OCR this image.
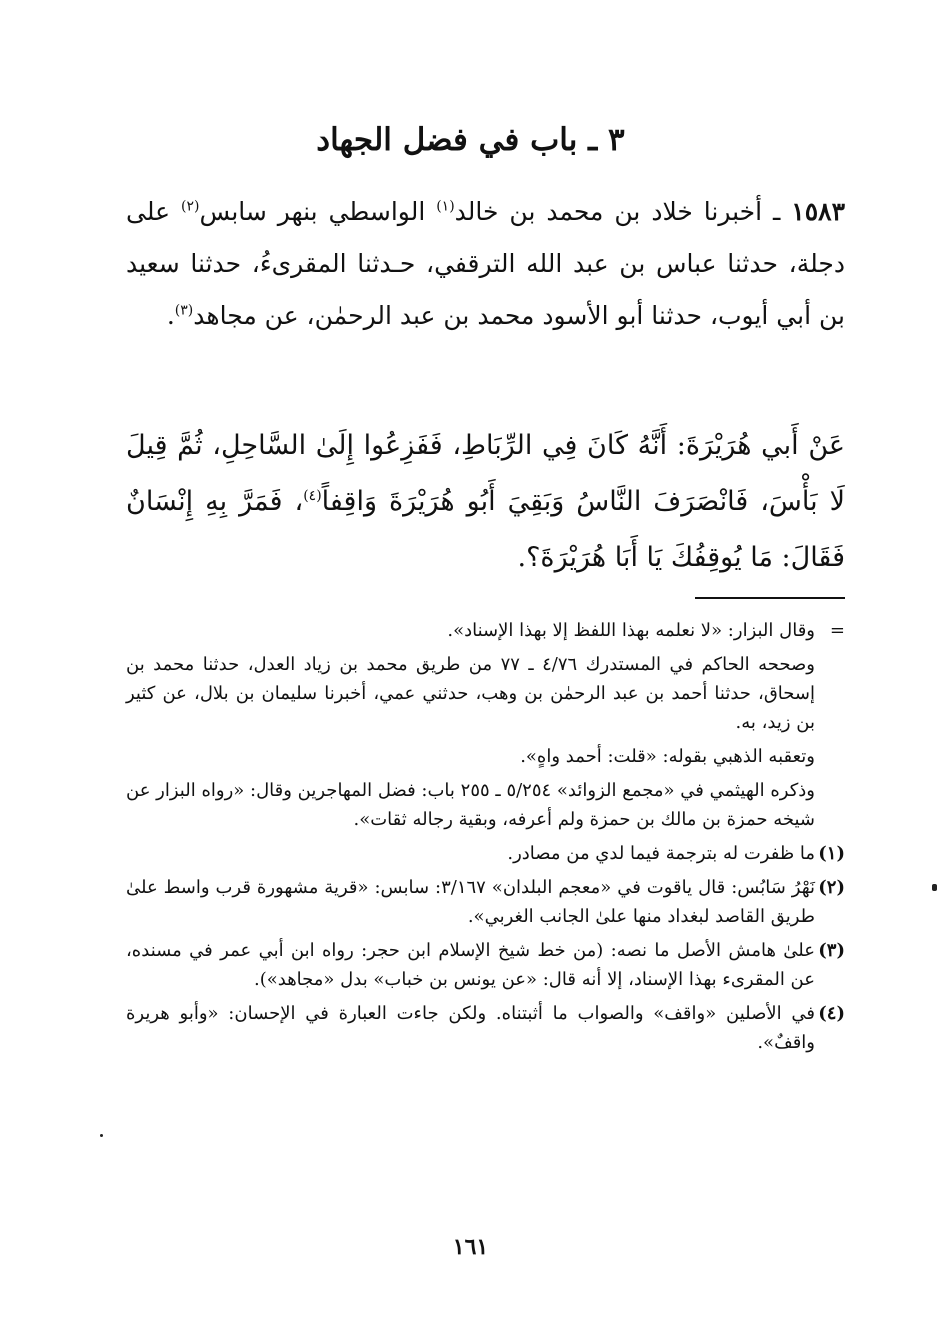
٣ ـ باب في فضل الجهاد

١٥٨٣ ـ أخبرنا خلاد بن محمد بن خالد$^{(١)}$ الواسطي بنهر سابس$^{(٢)}$ على دجلة، حدثنا عباس بن عبد الله الترقفي، حـدثنا المقرىءُ، حدثنا سعيد بن أبي أيوب، حدثنا أبو الأسود محمد بن عبد الرحمٰن، عن مجاهد$^{(٣)}$.

عَنْ أَبي هُرَيْرَةَ: أَنَّهُ كَانَ فِي الرِّبَاطِ، فَفَزِعُوا إِلَىٰ السَّاحِلِ، ثُمَّ قِيلَ لَا بَأْسَ، فَانْصَرَفَ النَّاسُ وَبَقِيَ أَبُو هُرَيْرَةَ وَاقِفاً$^{(٤)}$، فَمَرَّ بِهِ إِنْسَانٌ فَقَالَ: مَا يُوقِفُكَ يَا أَبَا هُرَيْرَةَ؟.

=وقال البزار: «لا نعلمه بهذا اللفظ إلا بهذا الإسناد».

وصححه الحاكم في المستدرك ٤/٧٦ ـ ٧٧ من طريق محمد بن زياد العدل، حدثنا محمد بن إسحاق، حدثنا أحمد بن عبد الرحمٰن بن وهب، حدثني عمي، أخبرنا سليمان بن بلال، عن كثير بن زيد، به.

وتعقبه الذهبي بقوله: «قلت: أحمد واهٍ».

وذكره الهيثمي في «مجمع الزوائد» ٥/٢٥٤ ـ ٢٥٥ باب: فضل المهاجرين وقال: «رواه البزار عن شيخه حمزة بن مالك بن حمزة ولم أعرفه، وبقية رجاله ثقات».

(١)ما ظفرت له بترجمة فيما لدي من مصادر.

(٢)نَهْرُ سَابُس: قال ياقوت في «معجم البلدان» ٣/١٦٧: سابس: «قرية مشهورة قرب واسط علىٰ طريق القاصد لبغداد منها علىٰ الجانب الغربي».

(٣)علىٰ هامش الأصل ما نصه: (من خط شيخ الإسلام ابن حجر: رواه ابن أبي عمر في مسنده، عن المقرىء بهذا الإسناد، إلا أنه قال: «عن يونس بن خباب» بدل «مجاهد»).

(٤)في الأصلين «واقف» والصواب ما أثبتناه. ولكن جاءت العبارة في الإحسان: «وأبو هريرة واقفٌ».

١٦١
